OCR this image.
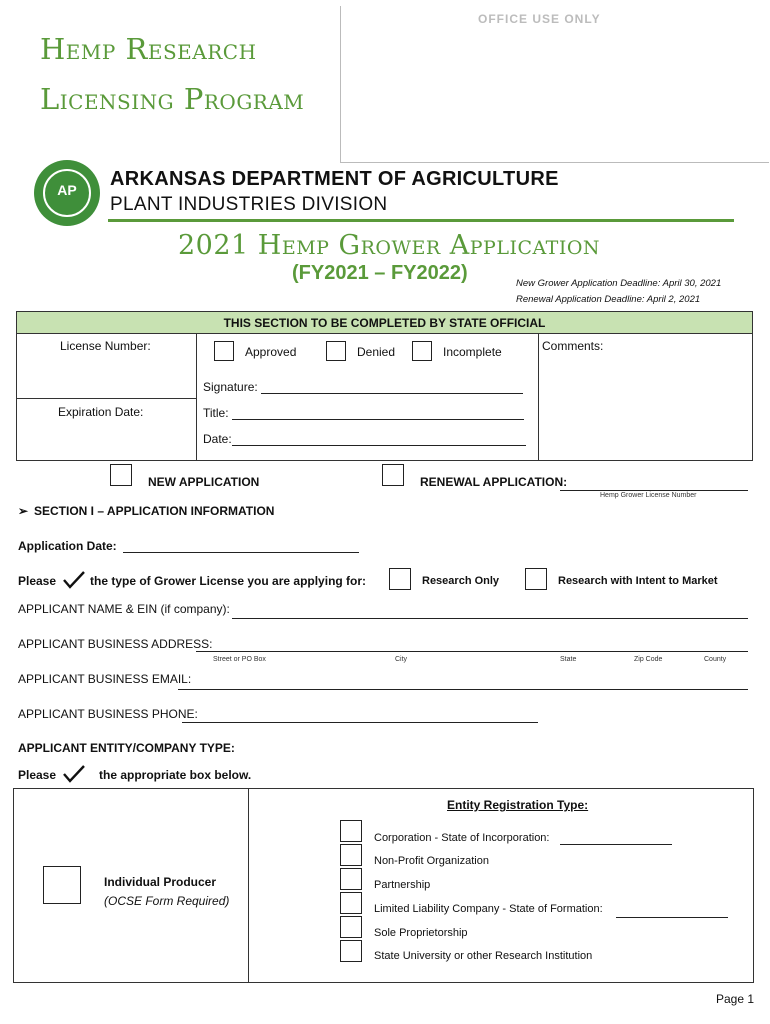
OFFICE USE ONLY
Hemp Research
Licensing Program
AP	ARKANSAS DEPARTMENT OF AGRICULTURE
PLANT INDUSTRIES DIVISION
2021 Hemp Grower Application
(FY2021 – FY2022)	New Grower Application Deadline: April 30, 2021
Renewal Application Deadline: April 2, 2021
THIS SECTION TO BE COMPLETED BY STATE OFFICIAL
License Number:
Expiration Date:
Approved	Denied	Incomplete	Comments:
Signature:
Title:
Date:
NEW APPLICATION	RENEWAL APPLICATION:
Hemp Grower License Number
➢ SECTION I – APPLICATION INFORMATION
Application Date:
Please	the type of Grower License you are applying for:	Research Only	Research with Intent to Market
APPLICANT NAME & EIN (if company):
APPLICANT BUSINESS ADDRESS:
Street or PO Box	City	State	Zip Code	County
APPLICANT BUSINESS EMAIL:
APPLICANT BUSINESS PHONE:
APPLICANT ENTITY/COMPANY TYPE:
Please	the appropriate box below.
Individual Producer
(OCSE Form Required)
Entity Registration Type:
Corporation - State of Incorporation:
Non-Profit Organization
Partnership
Limited Liability Company - State of Formation:
Sole Proprietorship
State University or other Research Institution
Page 1
